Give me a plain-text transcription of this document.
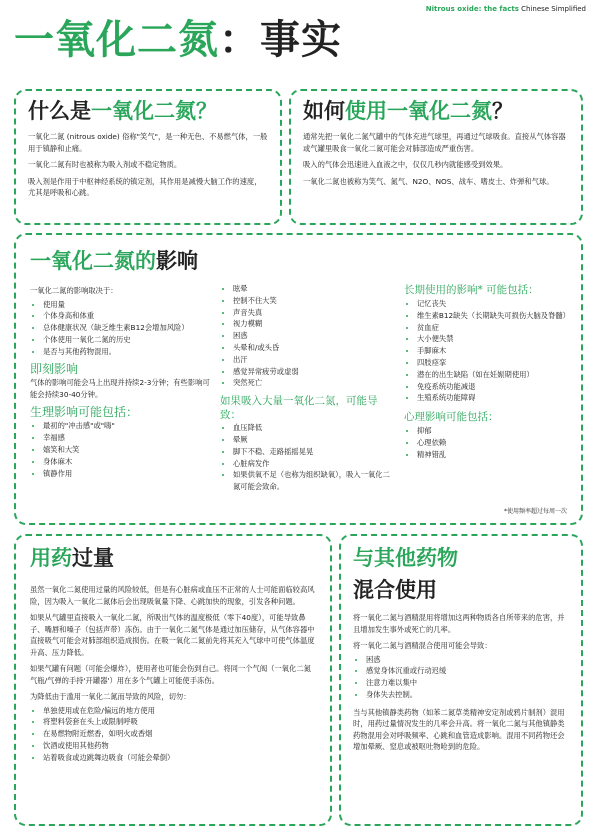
Nitrous oxide: the facts Chinese Simplified
一氧化二氮：事实
什么是一氧化二氮？

一氧化二氮 (nitrous oxide) 俗称"笑气"，是一种无色、不易燃气体，一般用于镇静和止痛。

一氧化二氮有时也被称为吸入剂或不稳定物质。

吸入剂是作用于中枢神经系统的镇定剂，其作用是减慢大脑工作的速度，尤其是呼吸和心跳。

如何使用一氧化二氮？

通常先把一氧化二氮气罐中的气体充进气球里，再通过气球吸食。直接从气体容器或气罐里吸食一氧化二氮可能会对肺部造成严重伤害。

吸入的气体会迅速进入血液之中，仅仅几秒内就能感受到效果。

一氧化二氮也被称为笑气、氮气、N2O、NOS、战车、嗜皮士、炸弹和气球。

一氧化二氮的影响

一氧化二氮的影响取决于：

• 使用量
• 个体身高和体重
• 总体健康状况（缺乏维生素B12会增加风险）
• 个体使用一氧化二氮的历史
• 是否与其他药物混用。
即刻影响

气体的影响可能会马上出现并持续2-3分钟；有些影响可能会持续30-40分钟。

生理影响可能包括：
• 最初的"冲击感"或"嗨"
• 幸福感
• 嬉笑和大笑
• 身体麻木
• 镇静作用
• 眩晕
• 控制不住大笑
• 声音失真
• 视力模糊
• 困惑
• 头晕和/或头昏
• 出汗
• 感觉异常疲劳或虚弱
• 突然死亡
如果吸入大量一氧化二氮，可能导致：
• 血压降低
• 晕厥
• 脚下不稳、走路摇摇晃晃
• 心脏病发作
• 如果供氧不足（也称为组织缺氧），吸入一氧化二氮可能会致命。
长期使用的影响* 可能包括：
• 记忆丧失
• 维生素B12缺失（长期缺失可损伤大脑及脊髓）
• 贫血症
• 大小便失禁
• 手脚麻木
• 四肢痉挛
• 潜在的出生缺陷（如在妊娠期使用）
• 免疫系统功能减退
• 生殖系统功能障碍
心理影响可能包括：
• 抑郁
• 心理依赖
• 精神错乱
*使用频率超过每周一次
用药过量

虽然一氧化二氮使用过量的风险较低，但是有心脏病或血压不正常的人士可能面临较高风险，因为吸入一氧化二氮体后会出现吸氧量下降、心跳加快的现象，引发各种问题。

如果从气罐里直接吸入一氧化二氮，所吸出气体的温度极低（零下40度），可能导致鼻子、嘴唇和嗓子（包括声带）冻伤。由于一氧化二氮气体是通过加压储存，从气体容器中直接吸气可能会对肺部组织造成损伤。在吸一氧化二氮前先将其充入气球中可使气体温度升高、压力降低。

如果气罐有问题（可能会爆炸），使用者也可能会伤到自己。将同一个气阀（一氧化二氮气瓶/气弹的手持'开罐器'）用在多个气罐上可能使手冻伤。

为降低由于滥用一氧化二氮而导致的风险，切勿：

• 单独使用或在危险/偏远的地方使用
• 将塑料袋套在头上或限制呼吸
• 在易燃物附近燃香，如明火或香烟
• 饮酒或使用其他药物
• 站着吸食或边跳舞边吸食（可能会晕倒）
与其他药物
混合使用

将一氧化二氮与酒精混用将增加这两种物质各自所带来的危害，并且增加发生事外或死亡的几率。

将一氧化二氮与酒精混合使用可能会导致：

• 困惑
• 感觉身体沉重或行动迟缓
• 注意力难以集中
• 身体失去控制。

当与其他镇静类药物（如苯二氮草类精神安定剂或鸦片制剂）混用时，用药过量情况发生的几率会升高。将一氧化二氮与其他镇静类药物混用会对呼吸频率、心跳和血管造成影响。混用不同药物还会增加晕厥、窒息或被呕吐物呛到的危险。
